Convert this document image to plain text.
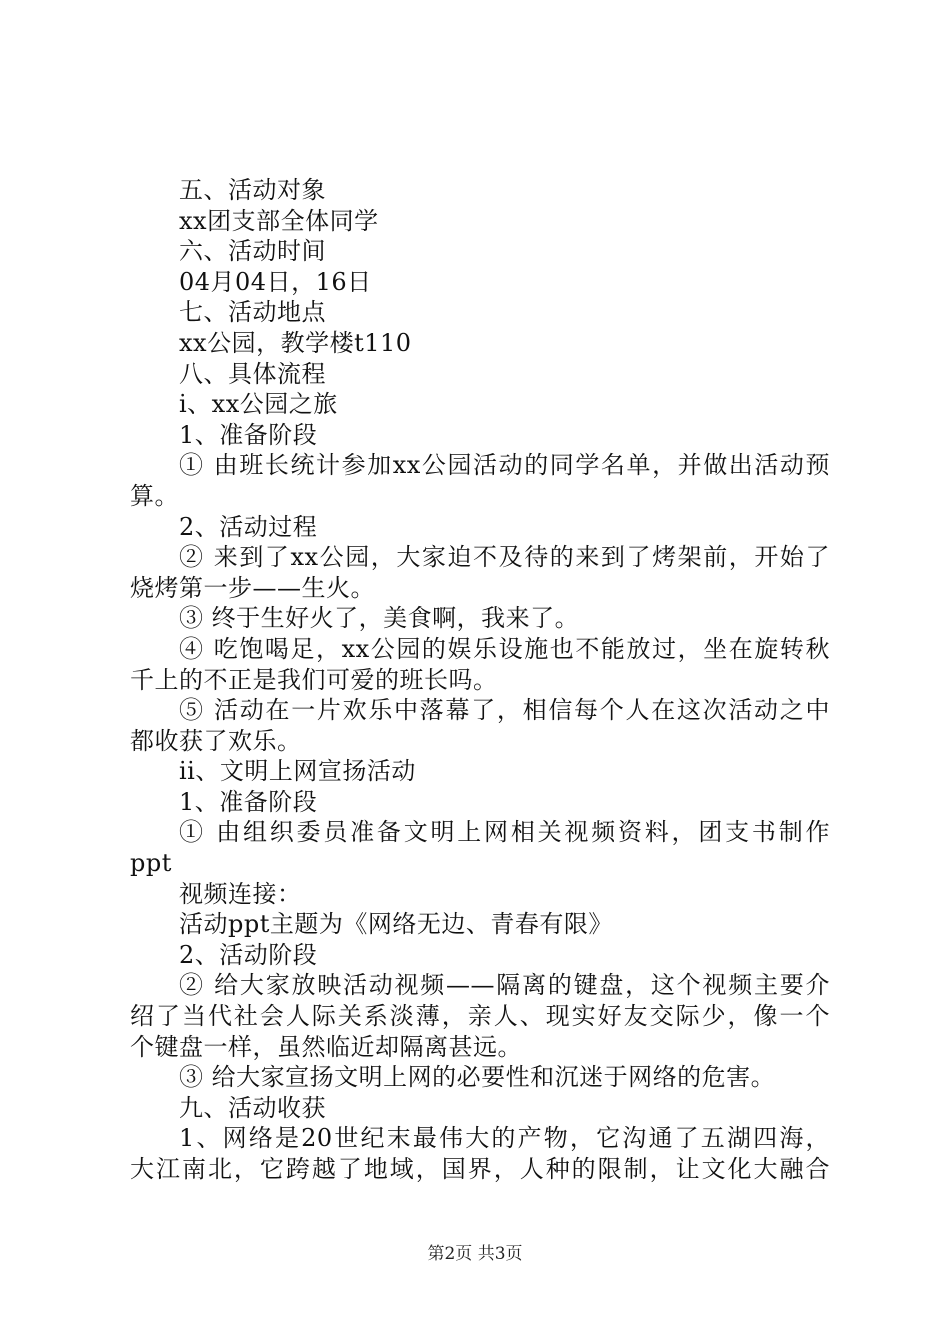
五、活动对象
xx团支部全体同学
六、活动时间
04月04日，16日
七、活动地点
xx公园，教学楼t110
八、具体流程
i、xx公园之旅
1、准备阶段
① 由班长统计参加xx公园活动的同学名单，并做出活动预
算。
2、活动过程
② 来到了xx公园，大家迫不及待的来到了烤架前，开始了
烧烤第一步——生火。
③ 终于生好火了，美食啊，我来了。
④ 吃饱喝足，xx公园的娱乐设施也不能放过，坐在旋转秋
千上的不正是我们可爱的班长吗。
⑤ 活动在一片欢乐中落幕了，相信每个人在这次活动之中
都收获了欢乐。
ii、文明上网宣扬活动
1、准备阶段
① 由组织委员准备文明上网相关视频资料，团支书制作
ppt
视频连接：
活动ppt主题为《网络无边、青春有限》
2、活动阶段
② 给大家放映活动视频——隔离的键盘，这个视频主要介
绍了当代社会人际关系淡薄，亲人、现实好友交际少，像一个
个键盘一样，虽然临近却隔离甚远。
③ 给大家宣扬文明上网的必要性和沉迷于网络的危害。
九、活动收获
1、网络是20世纪末最伟大的产物，它沟通了五湖四海，
大江南北，它跨越了地域，国界，人种的限制，让文化大融合
第2页 共3页
